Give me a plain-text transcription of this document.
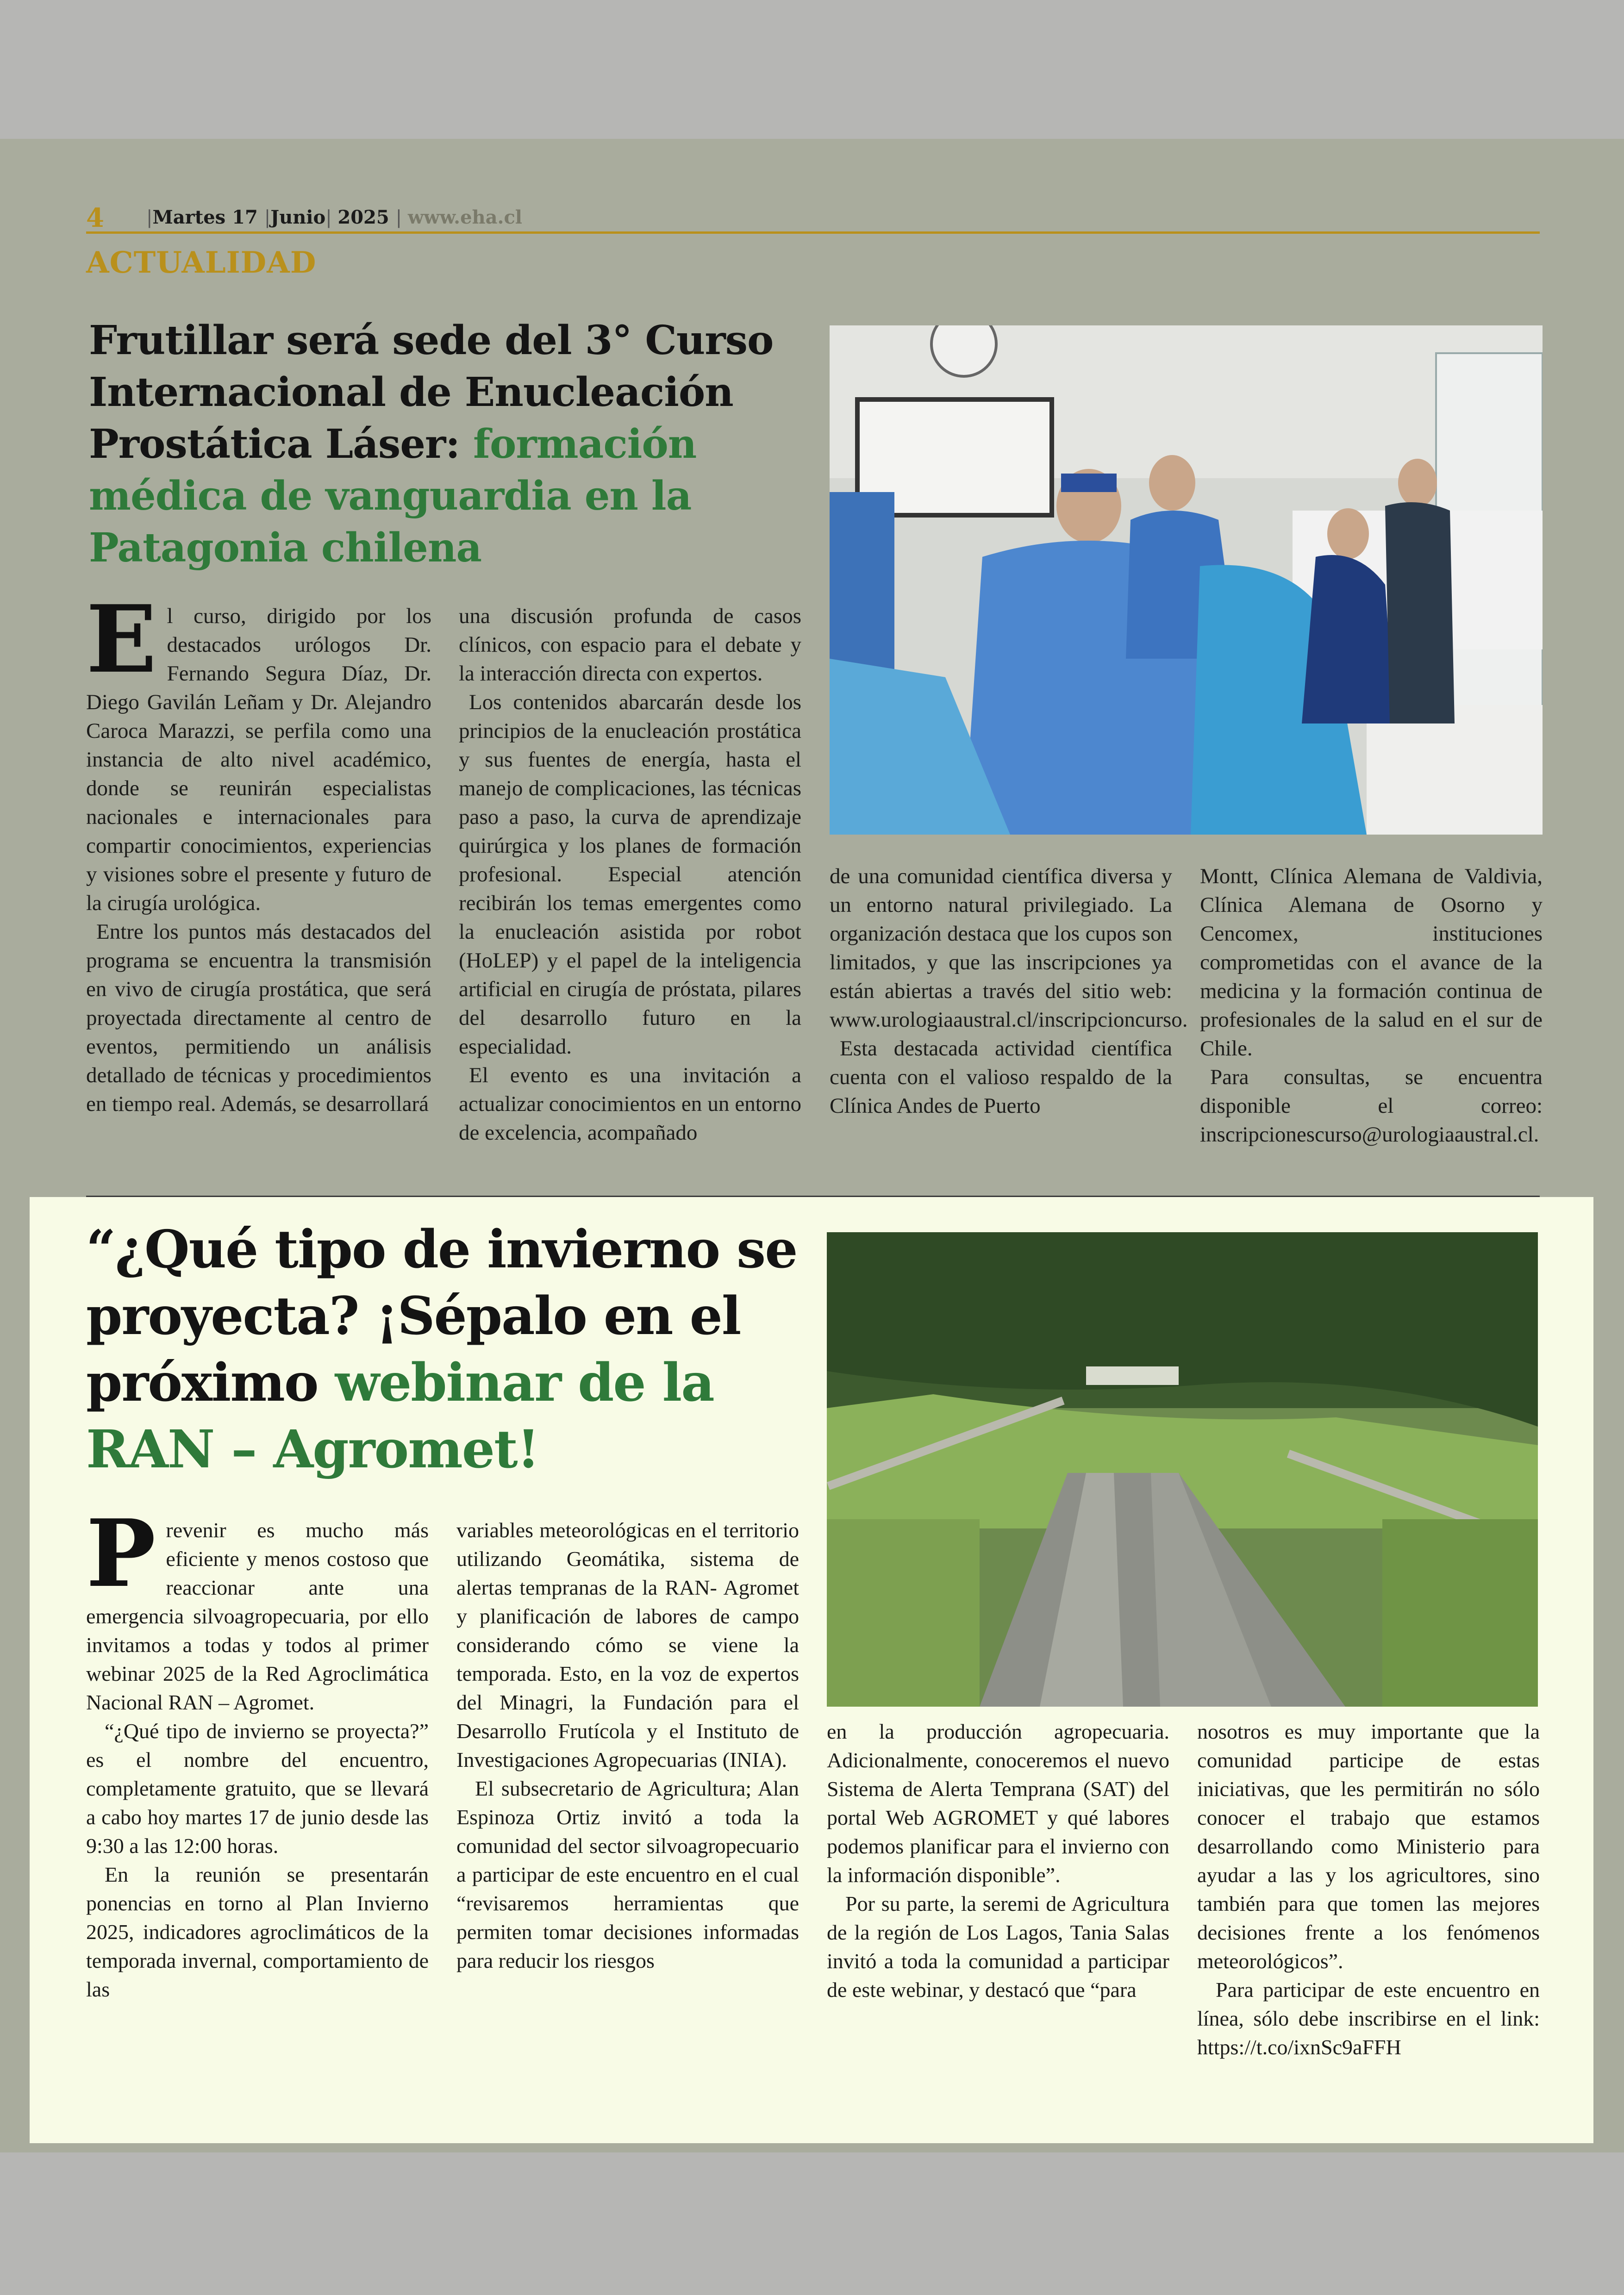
4 |Martes 17 |Junio| 2025 | www.eha.cl
ACTUALIDAD
Frutillar será sede del 3° Curso Internacional de Enucleación Prostática Láser: formación médica de vanguardia en la Patagonia chilena

El curso, dirigido por los destacados urólogos Dr. Fernando Segura Díaz, Dr. Diego Gavilán Leñam y Dr. Alejandro Caroca Marazzi, se perfila como una instancia de alto nivel académico, donde se reunirán especialistas nacionales e internacionales para compartir conocimientos, experiencias y visiones sobre el presente y futuro de la cirugía urológica.

Entre los puntos más destacados del programa se encuentra la transmisión en vivo de cirugía prostática, que será proyectada directamente al centro de eventos, permitiendo un análisis detallado de técnicas y procedimientos en tiempo real. Además, se desarrollará

una discusión profunda de casos clínicos, con espacio para el debate y la interacción directa con expertos.

Los contenidos abarcarán desde los principios de la enucleación prostática y sus fuentes de energía, hasta el manejo de complicaciones, las técnicas paso a paso, la curva de aprendizaje quirúrgica y los planes de formación profesional. Especial atención recibirán los temas emergentes como la enucleación asistida por robot (HoLEP) y el papel de la inteligencia artificial en cirugía de próstata, pilares del desarrollo futuro en la especialidad.

El evento es una invitación a actualizar conocimientos en un entorno de excelencia, acompañado

de una comunidad científica diversa y un entorno natural privilegiado. La organización destaca que los cupos son limitados, y que las inscripciones ya están abiertas a través del sitio web: www.urologiaaustral.cl/inscripcioncurso.

Esta destacada actividad científica cuenta con el valioso respaldo de la Clínica Andes de Puerto

Montt, Clínica Alemana de Valdivia, Clínica Alemana de Osorno y Cencomex, instituciones comprometidas con el avance de la medicina y la formación continua de profesionales de la salud en el sur de Chile.

Para consultas, se encuentra disponible el correo: inscripcionescurso@urologiaaustral.cl.

“¿Qué tipo de invierno se proyecta? ¡Sépalo en el próximo webinar de la RAN – Agromet!

Prevenir es mucho más eficiente y menos costoso que reaccionar ante una emergencia silvoagropecuaria, por ello invitamos a todas y todos al primer webinar 2025 de la Red Agroclimática Nacional RAN – Agromet.

“¿Qué tipo de invierno se proyecta?” es el nombre del encuentro, completamente gratuito, que se llevará a cabo hoy martes 17 de junio desde las 9:30 a las 12:00 horas.

En la reunión se presentarán ponencias en torno al Plan Invierno 2025, indicadores agroclimáticos de la temporada invernal, comportamiento de las

variables meteorológicas en el territorio utilizando Geomátika, sistema de alertas tempranas de la RAN- Agromet y planificación de labores de campo considerando cómo se viene la temporada. Esto, en la voz de expertos del Minagri, la Fundación para el Desarrollo Frutícola y el Instituto de Investigaciones Agropecuarias (INIA).

El subsecretario de Agricultura; Alan Espinoza Ortiz invitó a toda la comunidad del sector silvoagropecuario a participar de este encuentro en el cual “revisaremos herramientas que permiten tomar decisiones informadas para reducir los riesgos

en la producción agropecuaria. Adicionalmente, conoceremos el nuevo Sistema de Alerta Temprana (SAT) del portal Web AGROMET y qué labores podemos planificar para el invierno con la información disponible”.

Por su parte, la seremi de Agricultura de la región de Los Lagos, Tania Salas invitó a toda la comunidad a participar de este webinar, y destacó que “para

nosotros es muy importante que la comunidad participe de estas iniciativas, que les permitirán no sólo conocer el trabajo que estamos desarrollando como Ministerio para ayudar a las y los agricultores, sino también para que tomen las mejores decisiones frente a los fenómenos meteorológicos”.

Para participar de este encuentro en línea, sólo debe inscribirse en el link: https://t.co/ixnSc9aFFH
